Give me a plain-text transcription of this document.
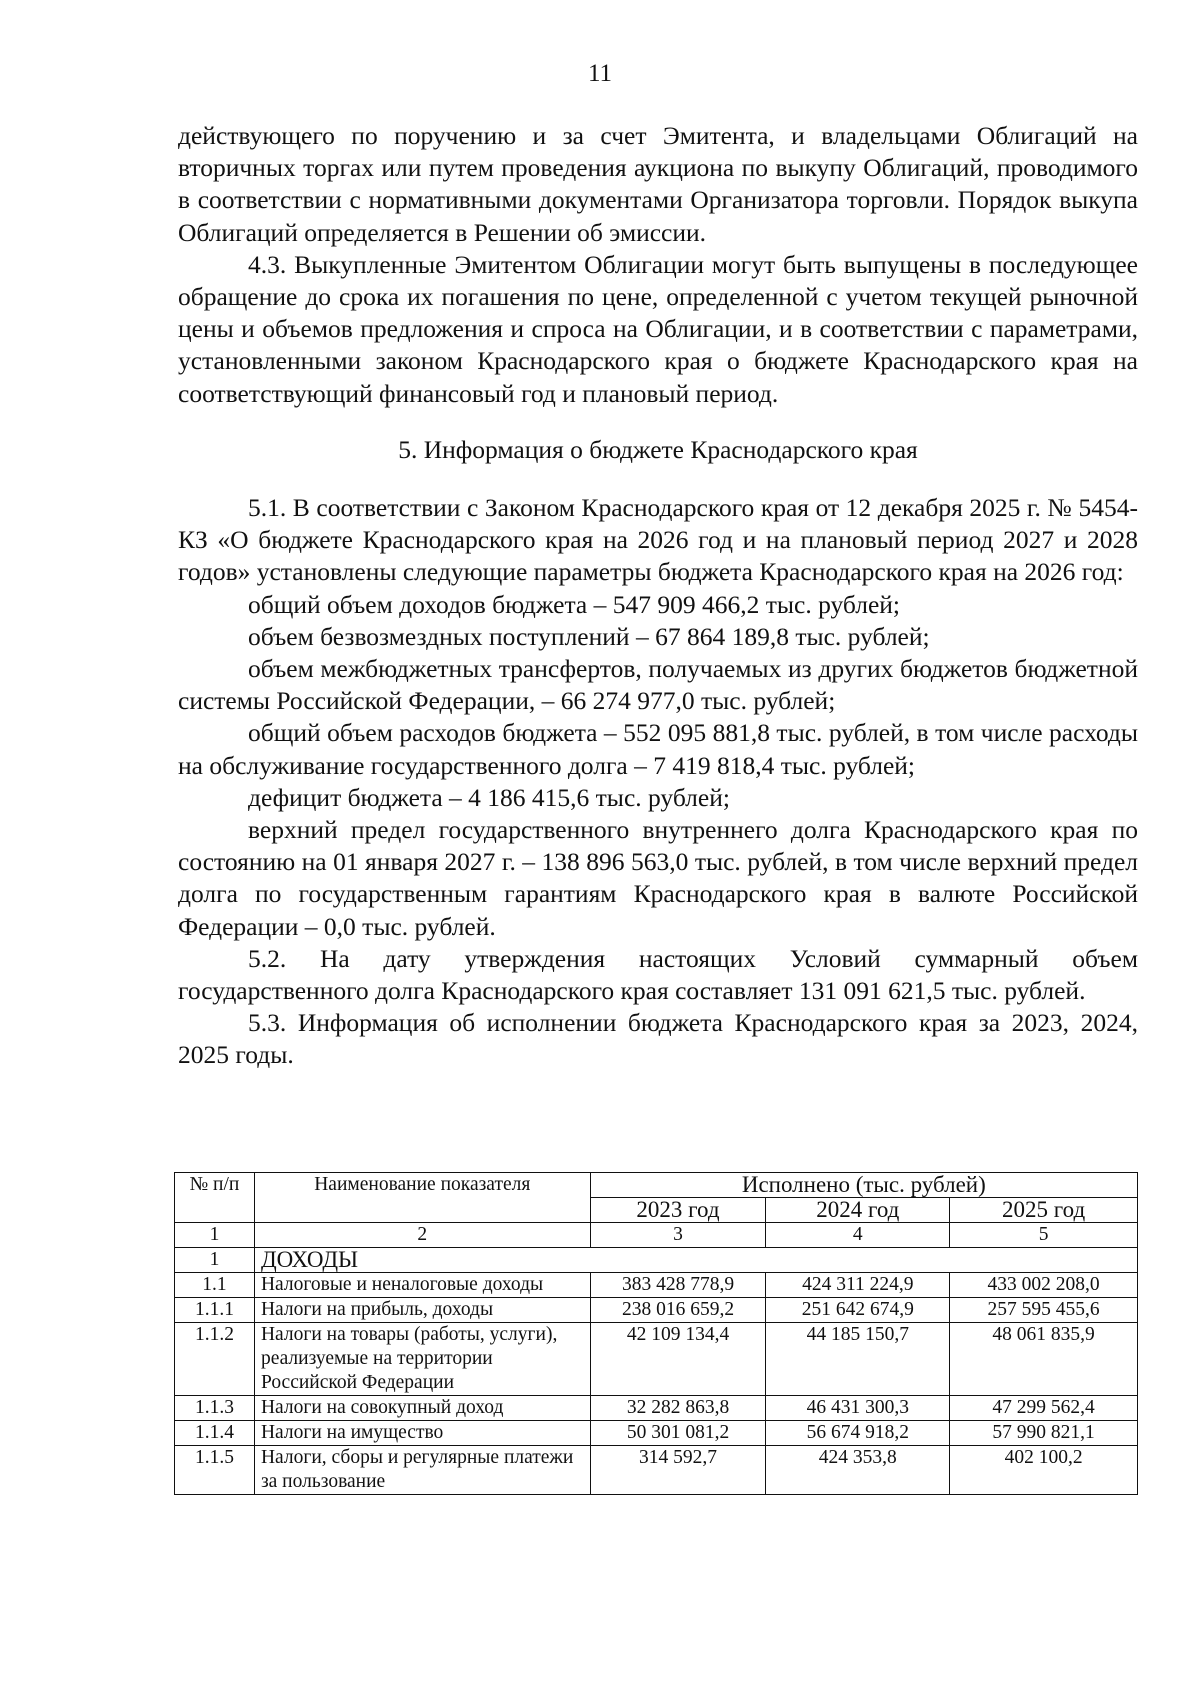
11

действующего по поручению и за счет Эмитента, и владельцами Облигаций на вторичных торгах или путем проведения аукциона по выкупу Облигаций, проводимого в соответствии с нормативными документами Организатора торговли. Порядок выкупа Облигаций определяется в Решении об эмиссии.

4.3. Выкупленные Эмитентом Облигации могут быть выпущены в последующее обращение до срока их погашения по цене, определенной с учетом текущей рыночной цены и объемов предложения и спроса на Облигации, и в соответствии с параметрами, установленными законом Краснодарского края о бюджете Краснодарского края на соответствующий финансовый год и плановый период.

5. Информация о бюджете Краснодарского края

5.1. В соответствии с Законом Краснодарского края от 12 декабря 2025 г. № 5454-КЗ «О бюджете Краснодарского края на 2026 год и на плановый период 2027 и 2028 годов» установлены следующие параметры бюджета Краснодарского края на 2026 год:

общий объем доходов бюджета – 547 909 466,2 тыс. рублей;

объем безвозмездных поступлений – 67 864 189,8 тыс. рублей;

объем межбюджетных трансфертов, получаемых из других бюджетов бюджетной системы Российской Федерации, – 66 274 977,0 тыс. рублей;

общий объем расходов бюджета – 552 095 881,8 тыс. рублей, в том числе расходы на обслуживание государственного долга – 7 419 818,4 тыс. рублей;

дефицит бюджета – 4 186 415,6 тыс. рублей;

верхний предел государственного внутреннего долга Краснодарского края по состоянию на 01 января 2027 г. – 138 896 563,0 тыс. рублей, в том числе верхний предел долга по государственным гарантиям Краснодарского края в валюте Российской Федерации – 0,0 тыс. рублей.

5.2. На дату утверждения настоящих Условий суммарный объем государственного долга Краснодарского края составляет 131 091 621,5 тыс. рублей.

5.3. Информация об исполнении бюджета Краснодарского края за 2023, 2024, 2025 годы.

№ п/п	Наименование показателя	Исполнено (тыс. рублей)		
		2023 год	2024 год	2025 год
1	2	3	4	5
1	ДОХОДЫ			
1.1	Налоговые и неналоговые доходы	383 428 778,9	424 311 224,9	433 002 208,0
1.1.1	Налоги на прибыль, доходы	238 016 659,2	251 642 674,9	257 595 455,6
1.1.2	Налоги на товары (работы, услуги), реализуемые на территории Российской Федерации	42 109 134,4	44 185 150,7	48 061 835,9
1.1.3	Налоги на совокупный доход	32 282 863,8	46 431 300,3	47 299 562,4
1.1.4	Налоги на имущество	50 301 081,2	56 674 918,2	57 990 821,1
1.1.5	Налоги, сборы и регулярные платежи за пользование	314 592,7	424 353,8	402 100,2
